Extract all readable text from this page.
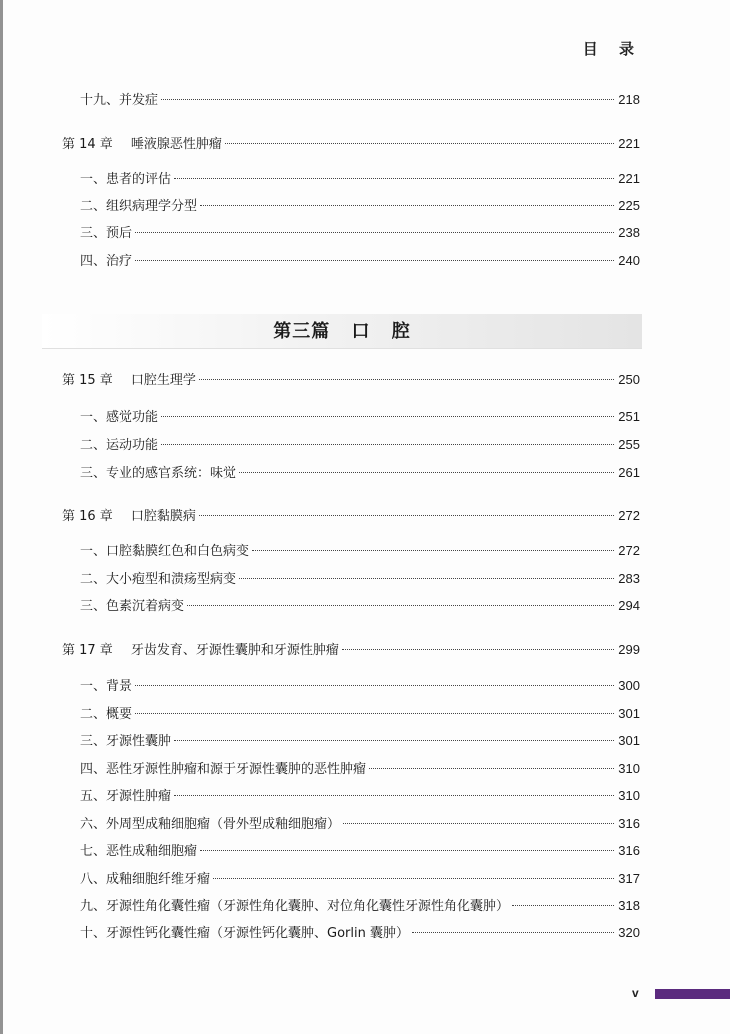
目 录
十九、并发症	218
第 14 章 唾液腺恶性肿瘤	221
一、患者的评估	221
二、组织病理学分型	225
三、预后	238
四、治疗	240
第三篇 口 腔
第 15 章 口腔生理学	250
一、感觉功能	251
二、运动功能	255
三、专业的感官系统：味觉	261
第 16 章 口腔黏膜病	272
一、口腔黏膜红色和白色病变	272
二、大小疱型和溃疡型病变	283
三、色素沉着病变	294
第 17 章 牙齿发育、牙源性囊肿和牙源性肿瘤	299
一、背景	300
二、概要	301
三、牙源性囊肿	301
四、恶性牙源性肿瘤和源于牙源性囊肿的恶性肿瘤	310
五、牙源性肿瘤	310
六、外周型成釉细胞瘤（骨外型成釉细胞瘤）	316
七、恶性成釉细胞瘤	316
八、成釉细胞纤维牙瘤	317
九、牙源性角化囊性瘤（牙源性角化囊肿、对位角化囊性牙源性角化囊肿）	318
十、牙源性钙化囊性瘤（牙源性钙化囊肿、Gorlin 囊肿）	320
v
